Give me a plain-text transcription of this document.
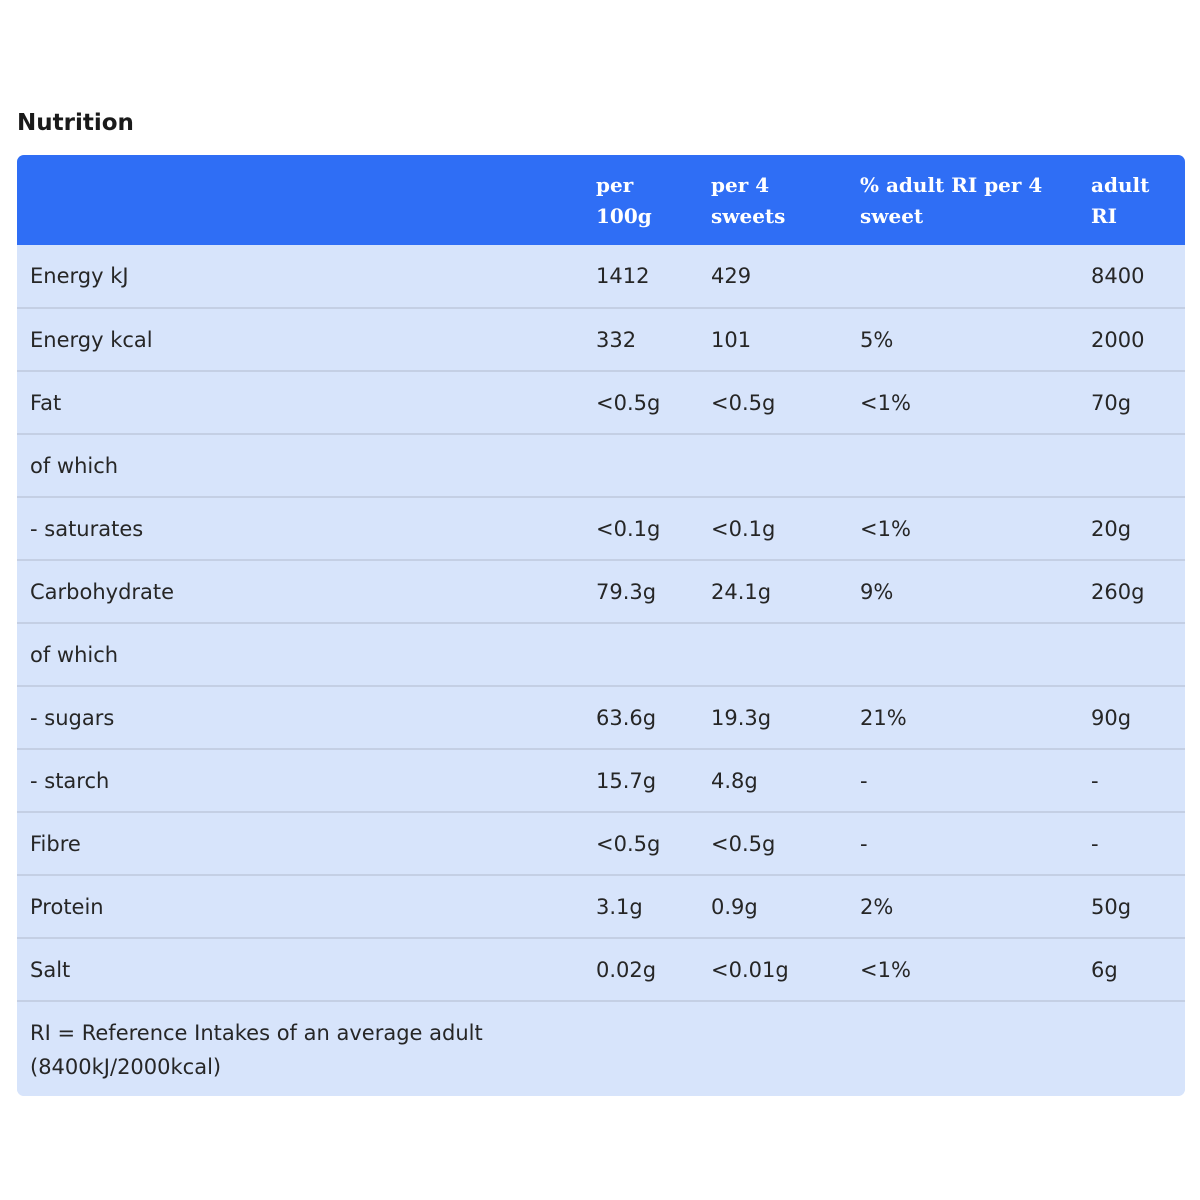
Nutrition
	per 100g	per 4 sweets	% adult RI per 4 sweet	adult RI
Energy kJ	1412	429		8400
Energy kcal	332	101	5%	2000
Fat	<0.5g	<0.5g	<1%	70g
of which				
- saturates	<0.1g	<0.1g	<1%	20g
Carbohydrate	79.3g	24.1g	9%	260g
of which				
- sugars	63.6g	19.3g	21%	90g
- starch	15.7g	4.8g	-	-
Fibre	<0.5g	<0.5g	-	-
Protein	3.1g	0.9g	2%	50g
Salt	0.02g	<0.01g	<1%	6g
RI = Reference Intakes of an average adult (8400kJ/2000kcal)				
